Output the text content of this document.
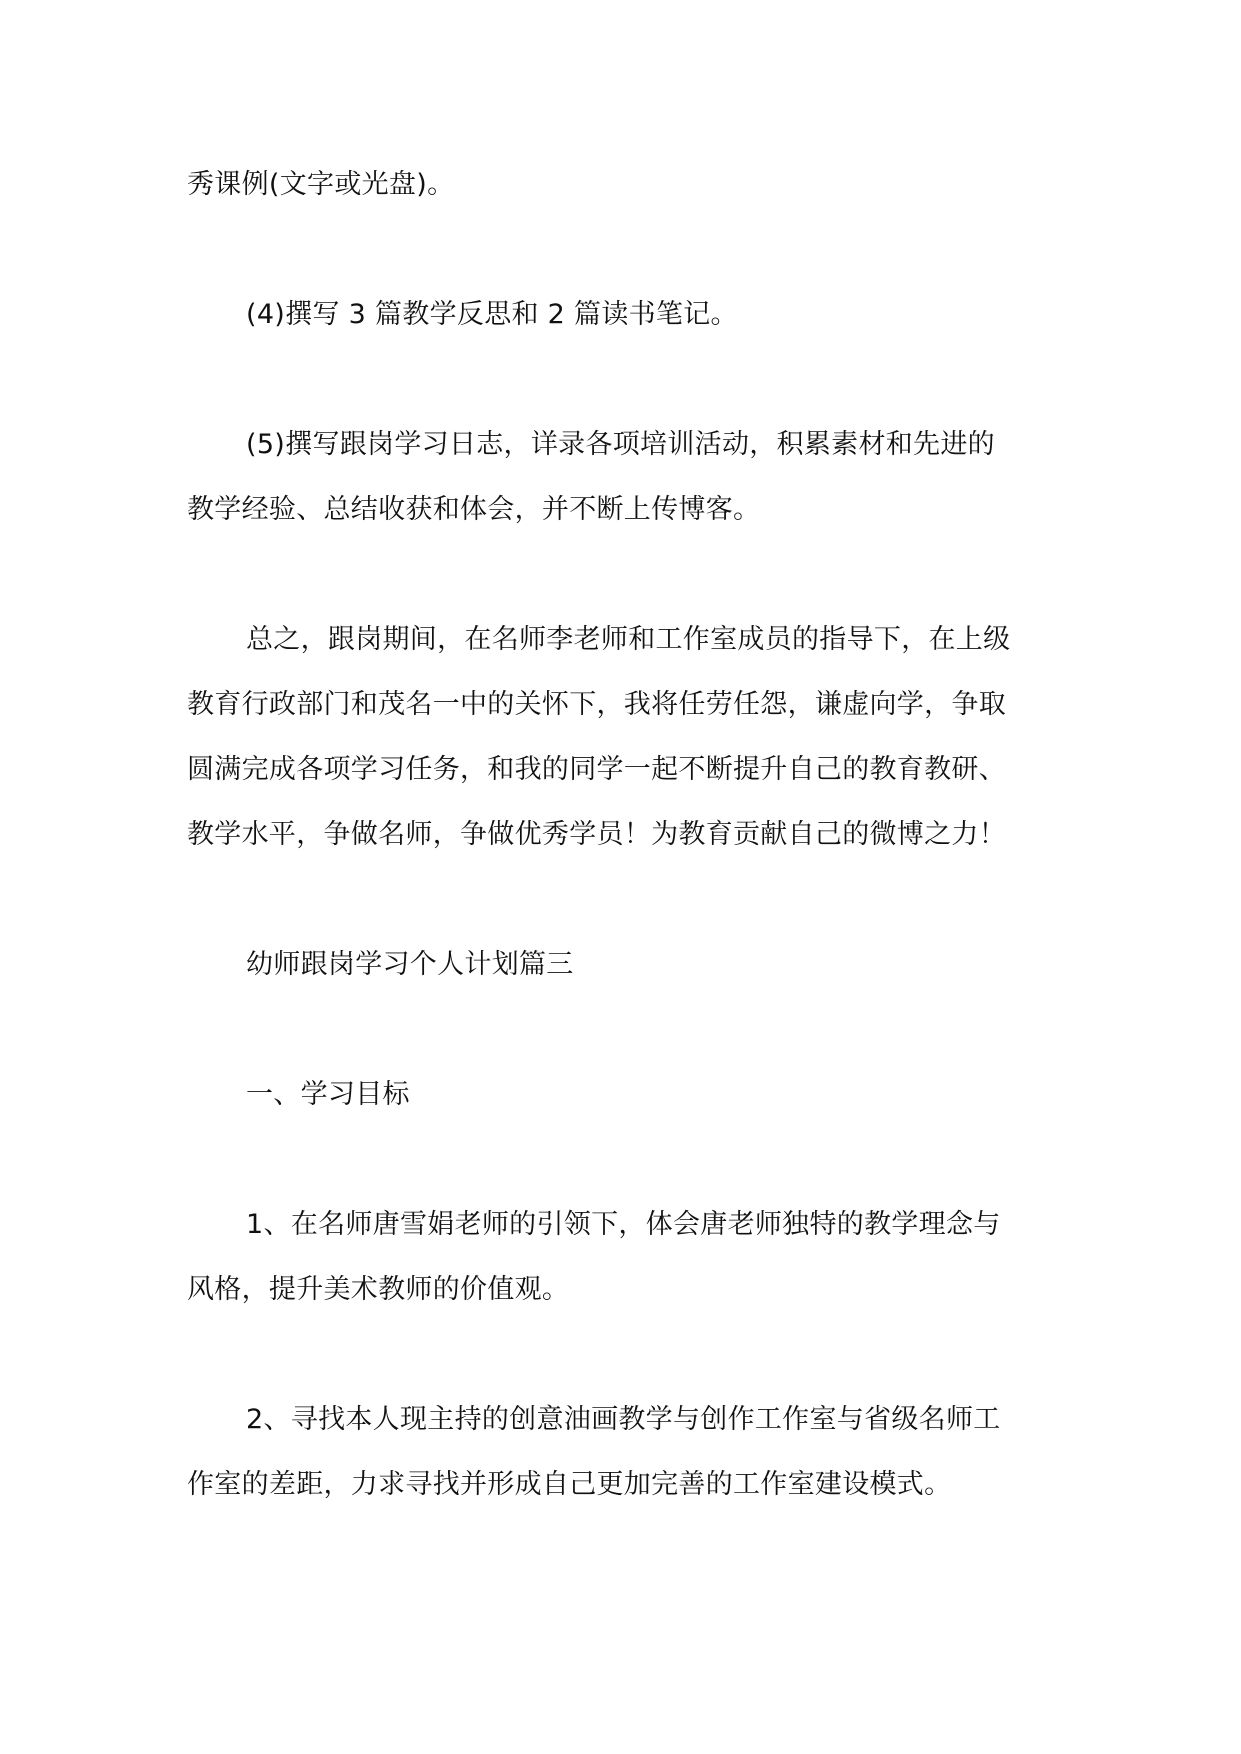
秀课例(文字或光盘)。
(4)撰写 3 篇教学反思和 2 篇读书笔记。
(5)撰写跟岗学习日志，详录各项培训活动，积累素材和先进的
教学经验、总结收获和体会，并不断上传博客。
总之，跟岗期间，在名师李老师和工作室成员的指导下，在上级
教育行政部门和茂名一中的关怀下，我将任劳任怨，谦虚向学，争取
圆满完成各项学习任务，和我的同学一起不断提升自己的教育教研、
教学水平，争做名师，争做优秀学员！为教育贡献自己的微博之力！
幼师跟岗学习个人计划篇三
一、学习目标
1、在名师唐雪娟老师的引领下，体会唐老师独特的教学理念与
风格，提升美术教师的价值观。
2、寻找本人现主持的创意油画教学与创作工作室与省级名师工
作室的差距，力求寻找并形成自己更加完善的工作室建设模式。
